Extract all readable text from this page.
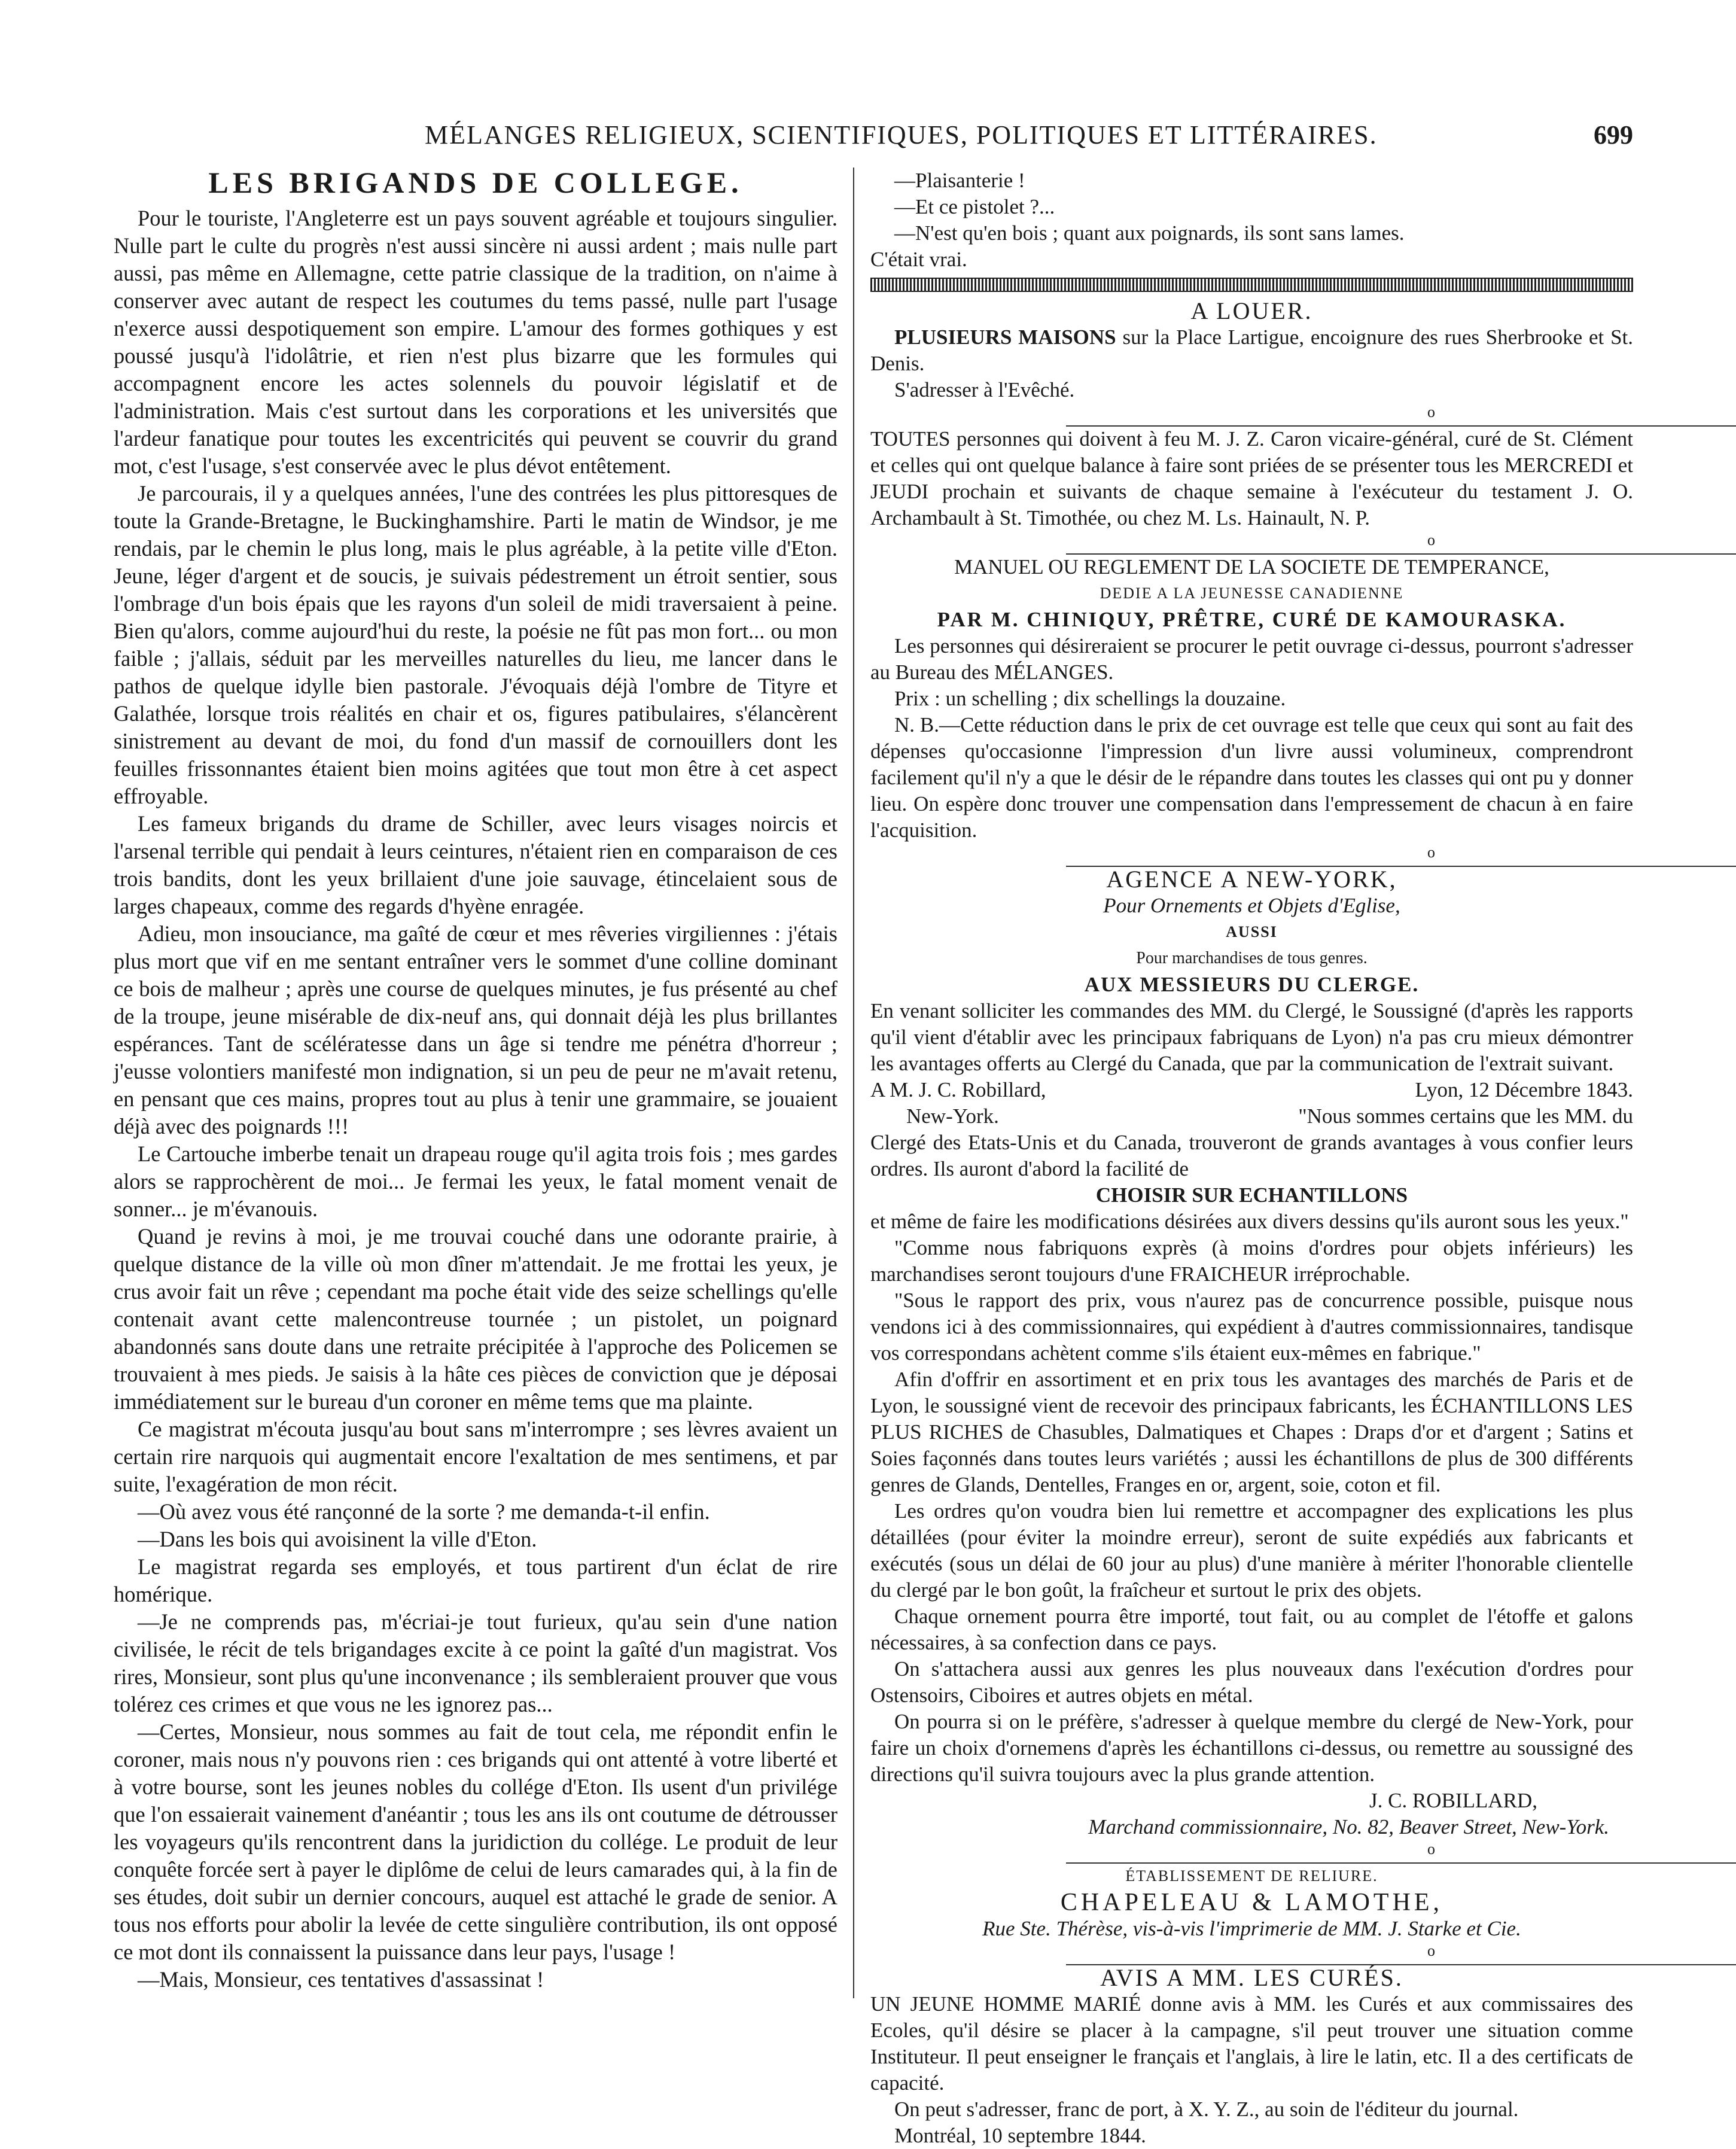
MÉLANGES RELIGIEUX, SCIENTIFIQUES, POLITIQUES ET LITTÉRAIRES.	699
LES BRIGANDS DE COLLEGE.

Pour le touriste, l'Angleterre est un pays souvent agréable et toujours singulier. Nulle part le culte du progrès n'est aussi sincère ni aussi ardent ; mais nulle part aussi, pas même en Allemagne, cette patrie classique de la tradition, on n'aime à conserver avec autant de respect les coutumes du tems passé, nulle part l'usage n'exerce aussi despotiquement son empire. L'amour des formes gothiques y est poussé jusqu'à l'idolâtrie, et rien n'est plus bizarre que les formules qui accompagnent encore les actes solennels du pouvoir législatif et de l'administration. Mais c'est surtout dans les corporations et les universités que l'ardeur fanatique pour toutes les excentricités qui peuvent se couvrir du grand mot, c'est l'usage, s'est conservée avec le plus dévot entêtement.

Je parcourais, il y a quelques années, l'une des contrées les plus pittoresques de toute la Grande-Bretagne, le Buckinghamshire. Parti le matin de Windsor, je me rendais, par le chemin le plus long, mais le plus agréable, à la petite ville d'Eton. Jeune, léger d'argent et de soucis, je suivais pédestrement un étroit sentier, sous l'ombrage d'un bois épais que les rayons d'un soleil de midi traversaient à peine. Bien qu'alors, comme aujourd'hui du reste, la poésie ne fût pas mon fort... ou mon faible ; j'allais, séduit par les merveilles naturelles du lieu, me lancer dans le pathos de quelque idylle bien pastorale. J'évoquais déjà l'ombre de Tityre et Galathée, lorsque trois réalités en chair et os, figures patibulaires, s'élancèrent sinistrement au devant de moi, du fond d'un massif de cornouillers dont les feuilles frissonnantes étaient bien moins agitées que tout mon être à cet aspect effroyable.

Les fameux brigands du drame de Schiller, avec leurs visages noircis et l'arsenal terrible qui pendait à leurs ceintures, n'étaient rien en comparaison de ces trois bandits, dont les yeux brillaient d'une joie sauvage, étincelaient sous de larges chapeaux, comme des regards d'hyène enragée.

Adieu, mon insouciance, ma gaîté de cœur et mes rêveries virgiliennes : j'étais plus mort que vif en me sentant entraîner vers le sommet d'une colline dominant ce bois de malheur ; après une course de quelques minutes, je fus présenté au chef de la troupe, jeune misérable de dix-neuf ans, qui donnait déjà les plus brillantes espérances. Tant de scélératesse dans un âge si tendre me pénétra d'horreur ; j'eusse volontiers manifesté mon indignation, si un peu de peur ne m'avait retenu, en pensant que ces mains, propres tout au plus à tenir une grammaire, se jouaient déjà avec des poignards !!!

Le Cartouche imberbe tenait un drapeau rouge qu'il agita trois fois ; mes gardes alors se rapprochèrent de moi... Je fermai les yeux, le fatal moment venait de sonner... je m'évanouis.

Quand je revins à moi, je me trouvai couché dans une odorante prairie, à quelque distance de la ville où mon dîner m'attendait. Je me frottai les yeux, je crus avoir fait un rêve ; cependant ma poche était vide des seize schellings qu'elle contenait avant cette malencontreuse tournée ; un pistolet, un poignard abandonnés sans doute dans une retraite précipitée à l'approche des Policemen se trouvaient à mes pieds. Je saisis à la hâte ces pièces de conviction que je déposai immédiatement sur le bureau d'un coroner en même tems que ma plainte.

Ce magistrat m'écouta jusqu'au bout sans m'interrompre ; ses lèvres avaient un certain rire narquois qui augmentait encore l'exaltation de mes sentimens, et par suite, l'exagération de mon récit.

—Où avez vous été rançonné de la sorte ? me demanda-t-il enfin.

—Dans les bois qui avoisinent la ville d'Eton.

Le magistrat regarda ses employés, et tous partirent d'un éclat de rire homérique.

—Je ne comprends pas, m'écriai-je tout furieux, qu'au sein d'une nation civilisée, le récit de tels brigandages excite à ce point la gaîté d'un magistrat. Vos rires, Monsieur, sont plus qu'une inconvenance ; ils sembleraient prouver que vous tolérez ces crimes et que vous ne les ignorez pas...

—Certes, Monsieur, nous sommes au fait de tout cela, me répondit enfin le coroner, mais nous n'y pouvons rien : ces brigands qui ont attenté à votre liberté et à votre bourse, sont les jeunes nobles du collége d'Eton. Ils usent d'un privilége que l'on essaierait vainement d'anéantir ; tous les ans ils ont coutume de détrousser les voyageurs qu'ils rencontrent dans la juridiction du collége. Le produit de leur conquête forcée sert à payer le diplôme de celui de leurs camarades qui, à la fin de ses études, doit subir un dernier concours, auquel est attaché le grade de senior. A tous nos efforts pour abolir la levée de cette singulière contribution, ils ont opposé ce mot dont ils connaissent la puissance dans leur pays, l'usage !

—Mais, Monsieur, ces tentatives d'assassinat !

—Plaisanterie !

—Et ce pistolet ?...

—N'est qu'en bois ; quant aux poignards, ils sont sans lames.

C'était vrai.

A LOUER.

PLUSIEURS MAISONS sur la Place Lartigue, encoignure des rues Sherbrooke et St. Denis.

S'adresser à l'Evêché.

o

TOUTES personnes qui doivent à feu M. J. Z. Caron vicaire-général, curé de St. Clément et celles qui ont quelque balance à faire sont priées de se présenter tous les MERCREDI et JEUDI prochain et suivants de chaque semaine à l'exécuteur du testament J. O. Archambault à St. Timothée, ou chez M. Ls. Hainault, N. P.

o

MANUEL OU REGLEMENT DE LA SOCIETE DE TEMPERANCE,

DEDIE A LA JEUNESSE CANADIENNE

PAR M. CHINIQUY, PRÊTRE, CURÉ DE KAMOURASKA.

Les personnes qui désireraient se procurer le petit ouvrage ci-dessus, pourront s'adresser au Bureau des MÉLANGES.

Prix : un schelling ; dix schellings la douzaine.

N. B.—Cette réduction dans le prix de cet ouvrage est telle que ceux qui sont au fait des dépenses qu'occasionne l'impression d'un livre aussi volumineux, comprendront facilement qu'il n'y a que le désir de le répandre dans toutes les classes qui ont pu y donner lieu. On espère donc trouver une compensation dans l'empressement de chacun à en faire l'acquisition.

o
AGENCE A NEW-YORK,

Pour Ornements et Objets d'Eglise,

AUSSI

Pour marchandises de tous genres.

AUX MESSIEURS DU CLERGE.

En venant solliciter les commandes des MM. du Clergé, le Soussigné (d'après les rapports qu'il vient d'établir avec les principaux fabriquans de Lyon) n'a pas cru mieux démontrer les avantages offerts au Clergé du Canada, que par la communication de l'extrait suivant.

A M. J. C. Robillard,	Lyon, 12 Décembre 1843.
New-York.	"Nous sommes certains que les MM. du

Clergé des Etats-Unis et du Canada, trouveront de grands avantages à vous confier leurs ordres. Ils auront d'abord la facilité de

CHOISIR SUR ECHANTILLONS

et même de faire les modifications désirées aux divers dessins qu'ils auront sous les yeux."

"Comme nous fabriquons exprès (à moins d'ordres pour objets inférieurs) les marchandises seront toujours d'une FRAICHEUR irréprochable.

"Sous le rapport des prix, vous n'aurez pas de concurrence possible, puisque nous vendons ici à des commissionnaires, qui expédient à d'autres commissionnaires, tandisque vos correspondans achètent comme s'ils étaient eux-mêmes en fabrique."

Afin d'offrir en assortiment et en prix tous les avantages des marchés de Paris et de Lyon, le soussigné vient de recevoir des principaux fabricants, les ÉCHANTILLONS LES PLUS RICHES de Chasubles, Dalmatiques et Chapes : Draps d'or et d'argent ; Satins et Soies façonnés dans toutes leurs variétés ; aussi les échantillons de plus de 300 différents genres de Glands, Dentelles, Franges en or, argent, soie, coton et fil.

Les ordres qu'on voudra bien lui remettre et accompagner des explications les plus détaillées (pour éviter la moindre erreur), seront de suite expédiés aux fabricants et exécutés (sous un délai de 60 jour au plus) d'une manière à mériter l'honorable clientelle du clergé par le bon goût, la fraîcheur et surtout le prix des objets.

Chaque ornement pourra être importé, tout fait, ou au complet de l'étoffe et galons nécessaires, à sa confection dans ce pays.

On s'attachera aussi aux genres les plus nouveaux dans l'exécution d'ordres pour Ostensoirs, Ciboires et autres objets en métal.

On pourra si on le préfère, s'adresser à quelque membre du clergé de New-York, pour faire un choix d'ornemens d'après les échantillons ci-dessus, ou remettre au soussigné des directions qu'il suivra toujours avec la plus grande attention.

J. C. ROBILLARD,

Marchand commissionnaire, No. 82, Beaver Street, New-York.

o

ÉTABLISSEMENT DE RELIURE.

CHAPELEAU & LAMOTHE,

Rue Ste. Thérèse, vis-à-vis l'imprimerie de MM. J. Starke et Cie.

o
AVIS A MM. LES CURÉS.

UN JEUNE HOMME MARIÉ donne avis à MM. les Curés et aux commissaires des Ecoles, qu'il désire se placer à la campagne, s'il peut trouver une situation comme Instituteur. Il peut enseigner le français et l'anglais, à lire le latin, etc. Il a des certificats de capacité.

On peut s'adresser, franc de port, à X. Y. Z., au soin de l'éditeur du journal.

Montréal, 10 septembre 1844.
